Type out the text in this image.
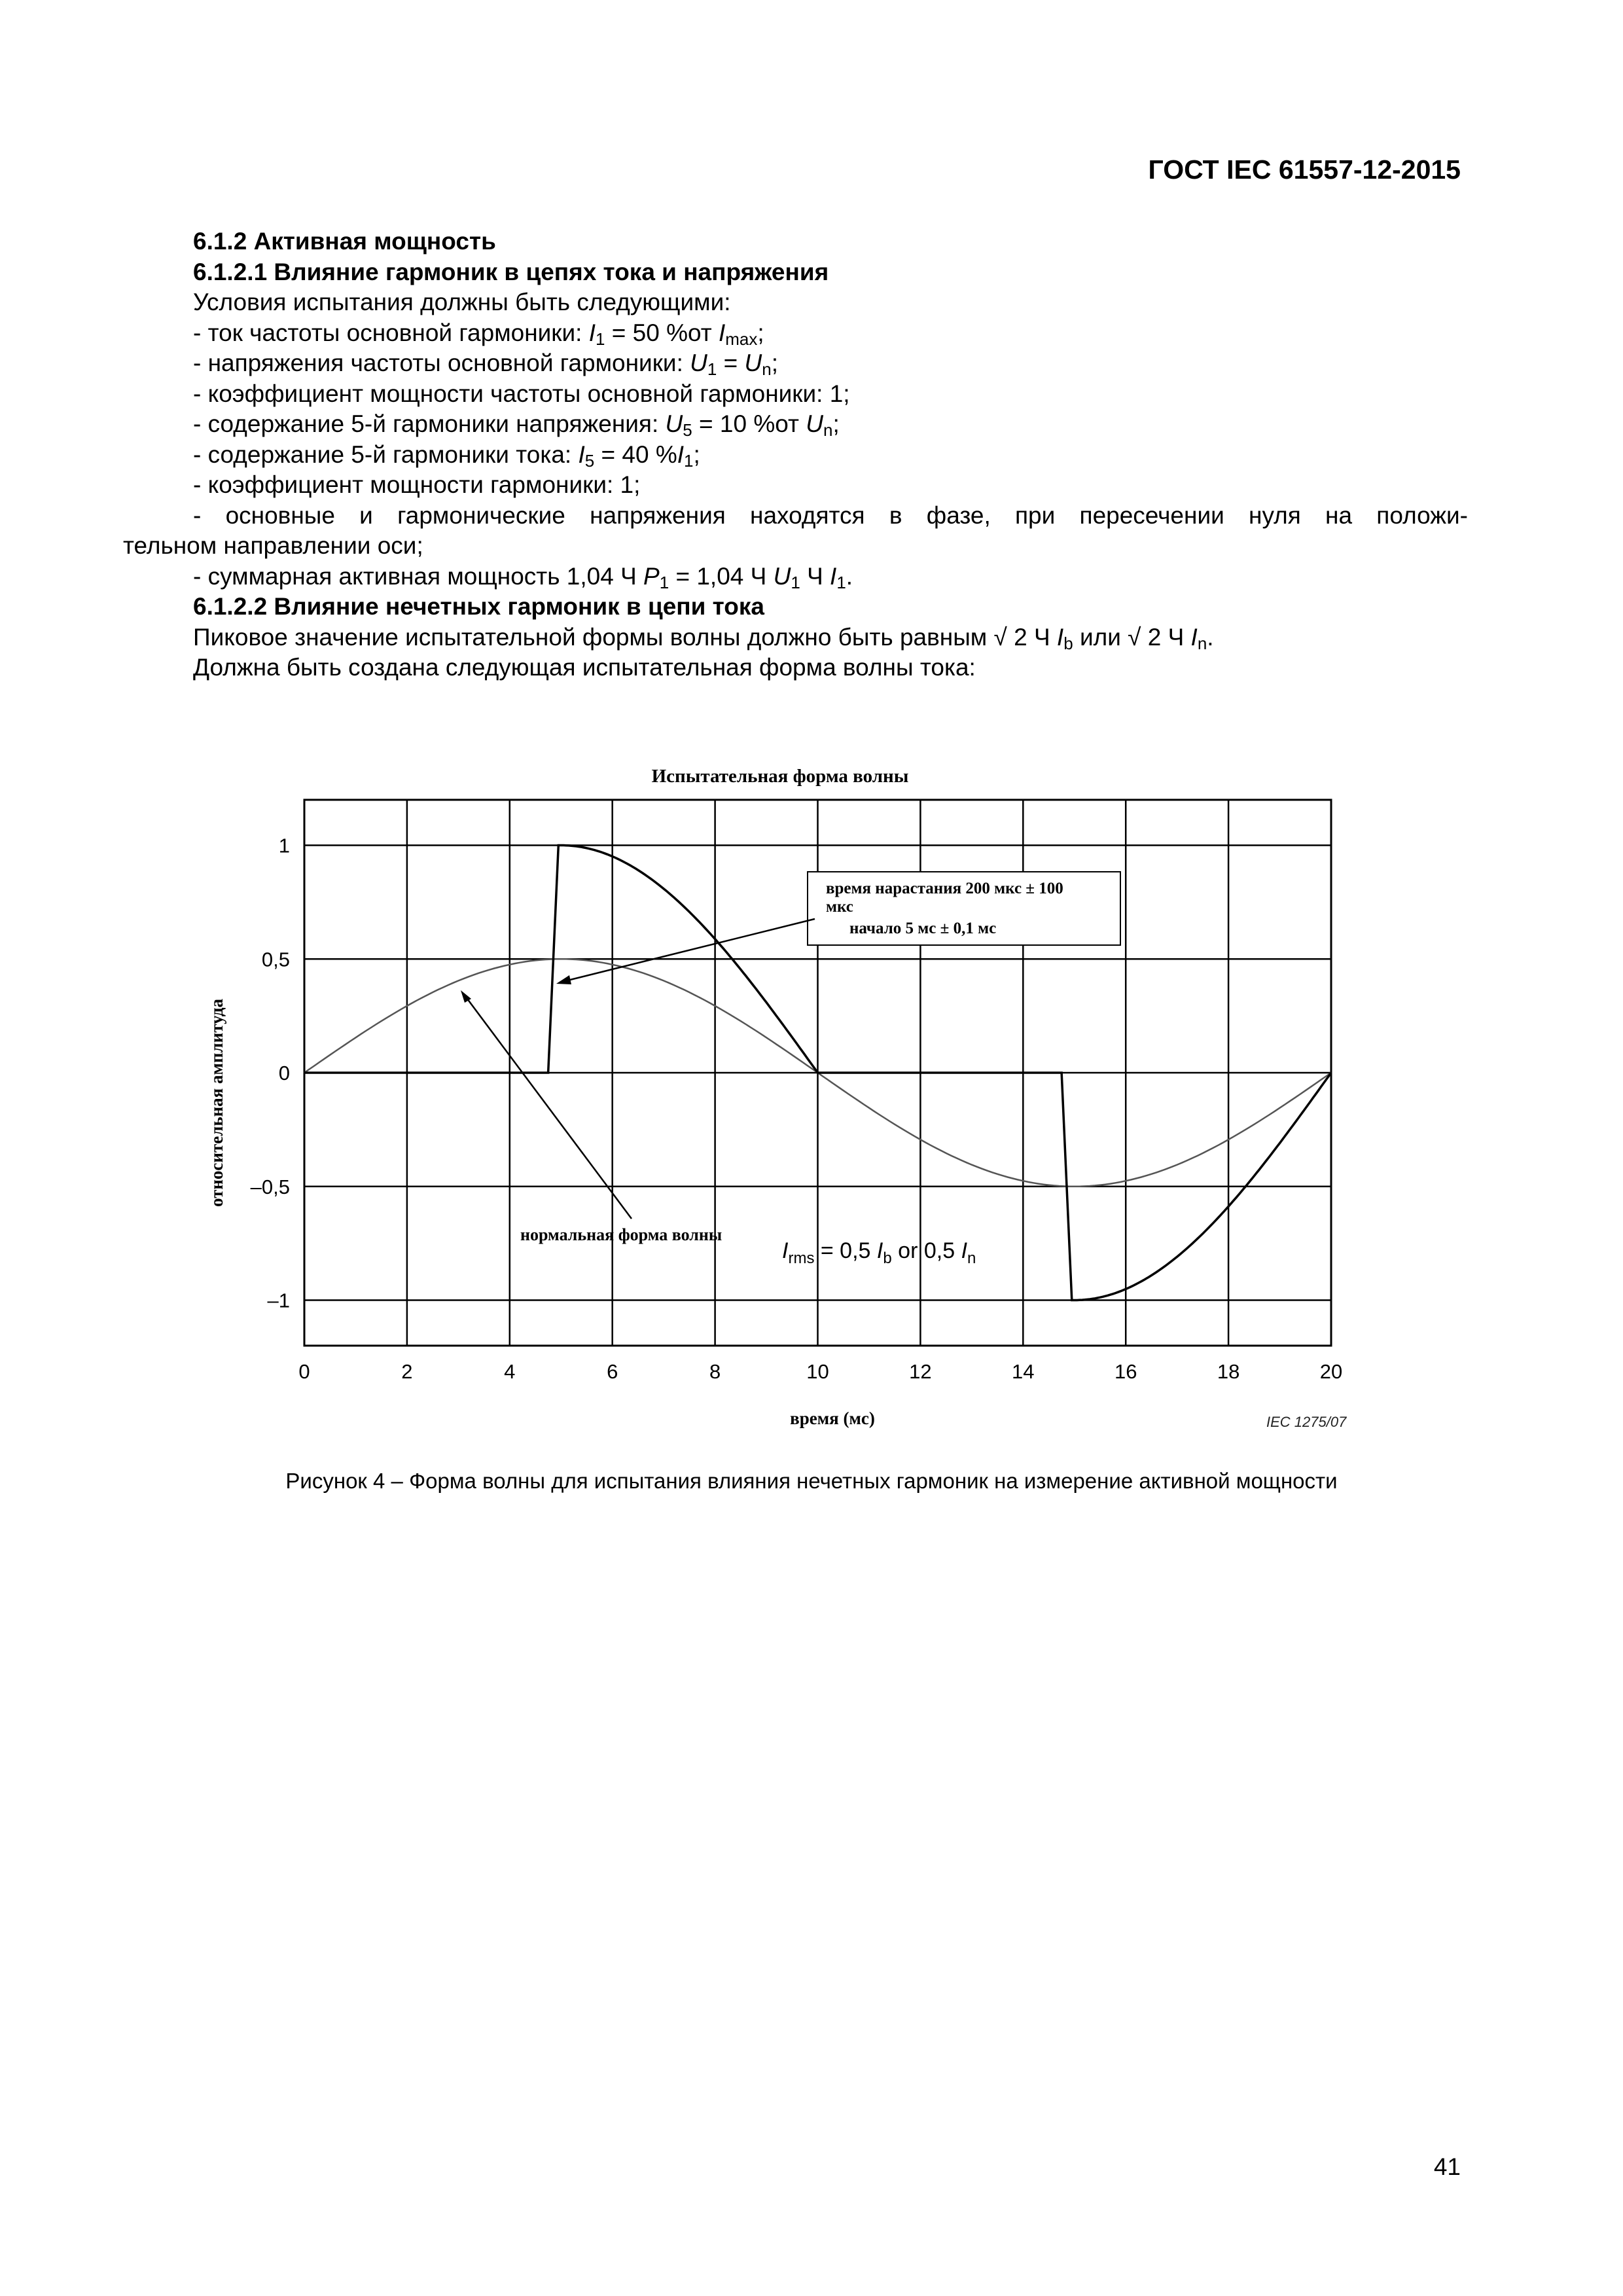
ГОСТ IEC 61557-12-2015

6.1.2 Активная мощность

6.1.2.1 Влияние гармоник в цепях тока и напряжения

Условия испытания должны быть следующими:

- ток частоты основной гармоники: $I_1 = 50$ %от $I_{max}$;

- напряжения частоты основной гармоники: $U_1 = U_n$;

- коэффициент мощности частоты основной гармоники: 1;

- содержание 5-й гармоники напряжения: $U_5 = 10$ %от $U_n$;

- содержание 5-й гармоники тока: $I_5 = 40$ $\%I_1$;

- коэффициент мощности гармоники: 1;

- основные и гармонические напряжения находятся в фазе, при пересечении нуля на положи-

тельном направлении оси;

- суммарная активная мощность 1,04 Ч $P_1 = 1,04$ Ч $U_1$ Ч $I_1$.

6.1.2.2 Влияние нечетных гармоник в цепи тока

Пиковое значение испытательной формы волны должно быть равным √ 2 Ч $I_b$ или √ 2 Ч $I_n$.

Должна быть создана следующая испытательная форма волны тока:

Испытательная форма волны
1
0,5
0
–0,5
–1
0	2	4	6	8	10	12	14	16	18	20
время (мс)
относительная амплитуда
время нарастания 200 мкс ± 100
мкс
начало 5 мс ± 0,1 мс
нормальная форма волны
$I_{rms} = 0,5$ $I_b$ or 0,5 $I_n$
IEC 1275/07
Рисунок 4 – Форма волны для испытания влияния нечетных гармоник на измерение активной мощности
41
